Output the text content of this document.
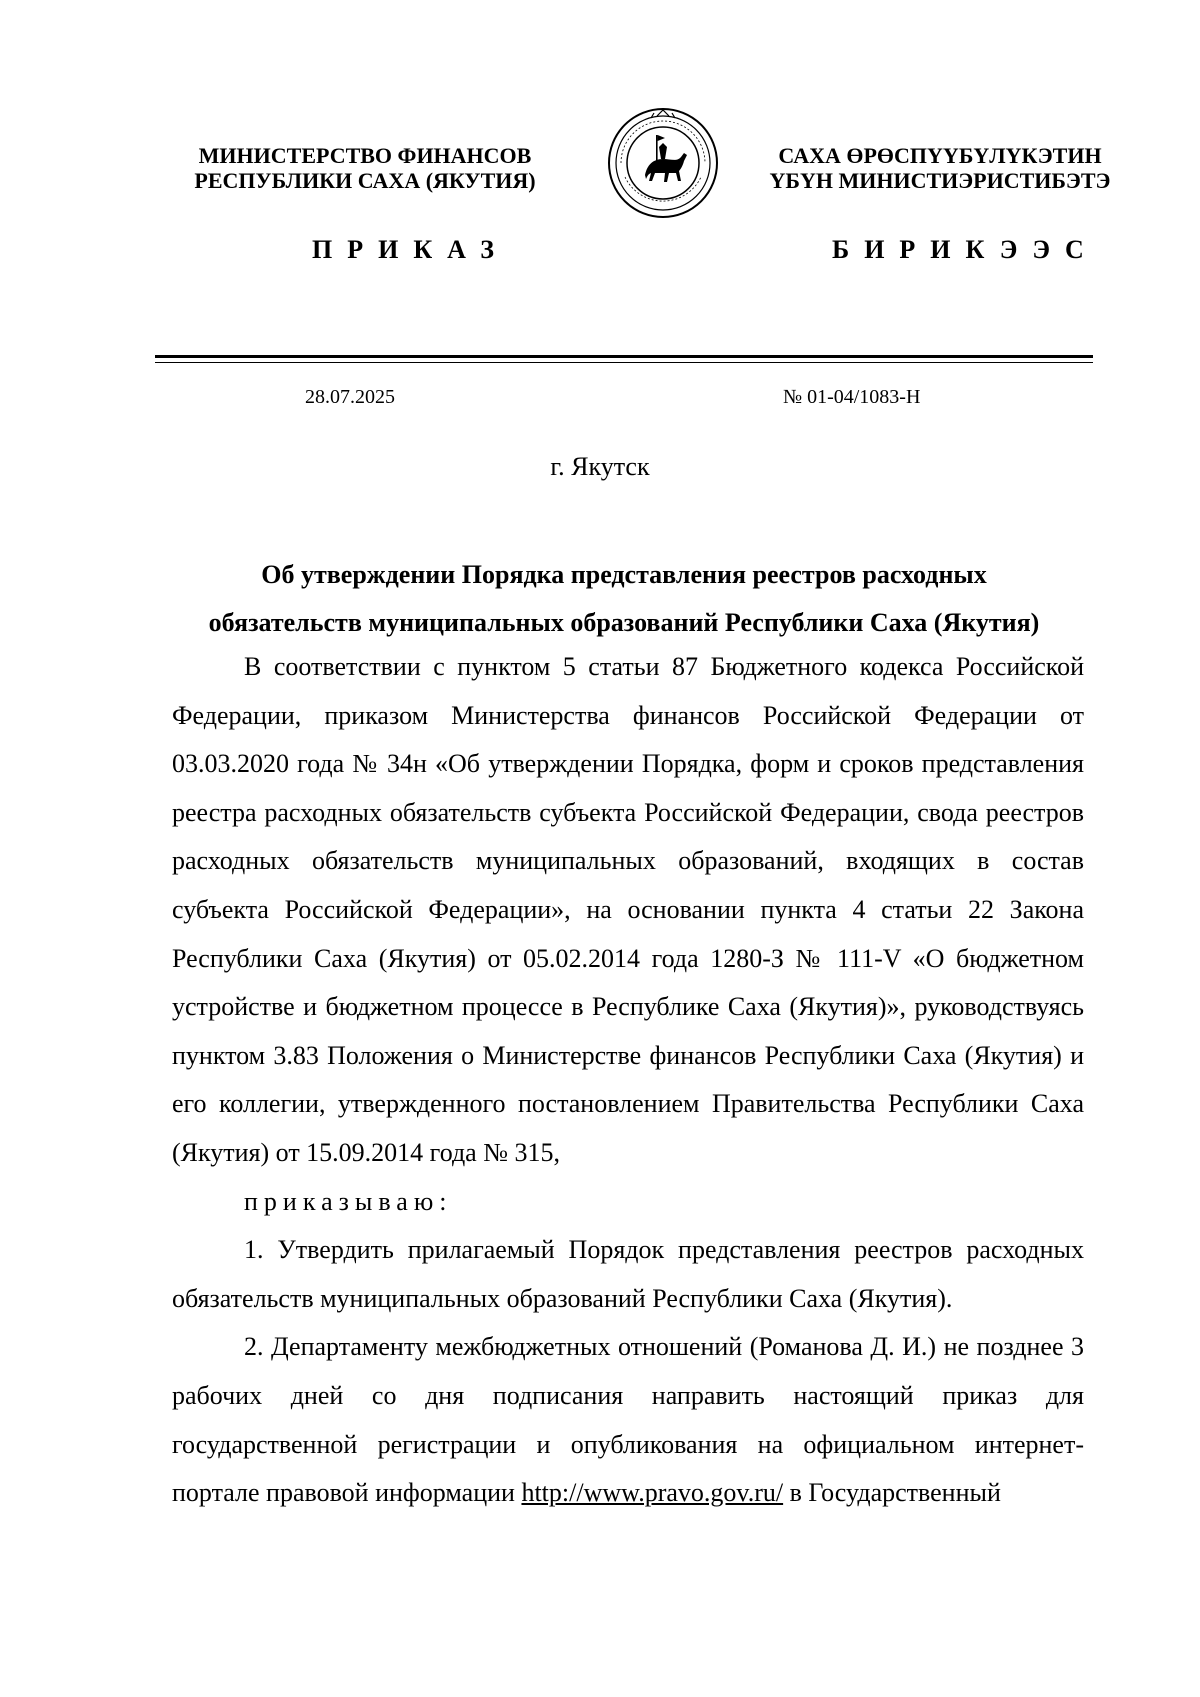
МИНИСТЕРСТВО ФИНАНСОВ
РЕСПУБЛИКИ САХА (ЯКУТИЯ)
САХА ӨРӨСПҮҮБҮЛҮКЭТИН
ҮБҮН МИНИСТИЭРИСТИБЭТЭ
ПРИКАЗ	БИРИКЭЭС
28.07.2025	№ 01-04/1083-Н
г. Якутск
Об утверждении Порядка представления реестров расходных
обязательств муниципальных образований Республики Саха (Якутия)

В соответствии с пунктом 5 статьи 87 Бюджетного кодекса Российской Федерации, приказом Министерства финансов Российской Федерации от 03.03.2020 года № 34н «Об утверждении Порядка, форм и сроков представления реестра расходных обязательств субъекта Российской Федерации, свода реестров расходных обязательств муниципальных образований, входящих в состав субъекта Российской Федерации», на основании пункта 4 статьи 22 Закона Республики Саха (Якутия) от 05.02.2014 года 1280-З № 111-V «О бюджетном устройстве и бюджетном процессе в Республике Саха (Якутия)», руководствуясь пунктом 3.83 Положения о Министерстве финансов Республики Саха (Якутия) и его коллегии, утвержденного постановлением Правительства Республики Саха (Якутия) от 15.09.2014 года № 315,

приказываю:

1. Утвердить прилагаемый Порядок представления реестров расходных обязательств муниципальных образований Республики Саха (Якутия).

2. Департаменту межбюджетных отношений (Романова Д. И.) не позднее 3 рабочих дней со дня подписания направить настоящий приказ для государственной регистрации и опубликования на официальном интернет-портале правовой информации http://www.pravo.gov.ru/ в Государственный
